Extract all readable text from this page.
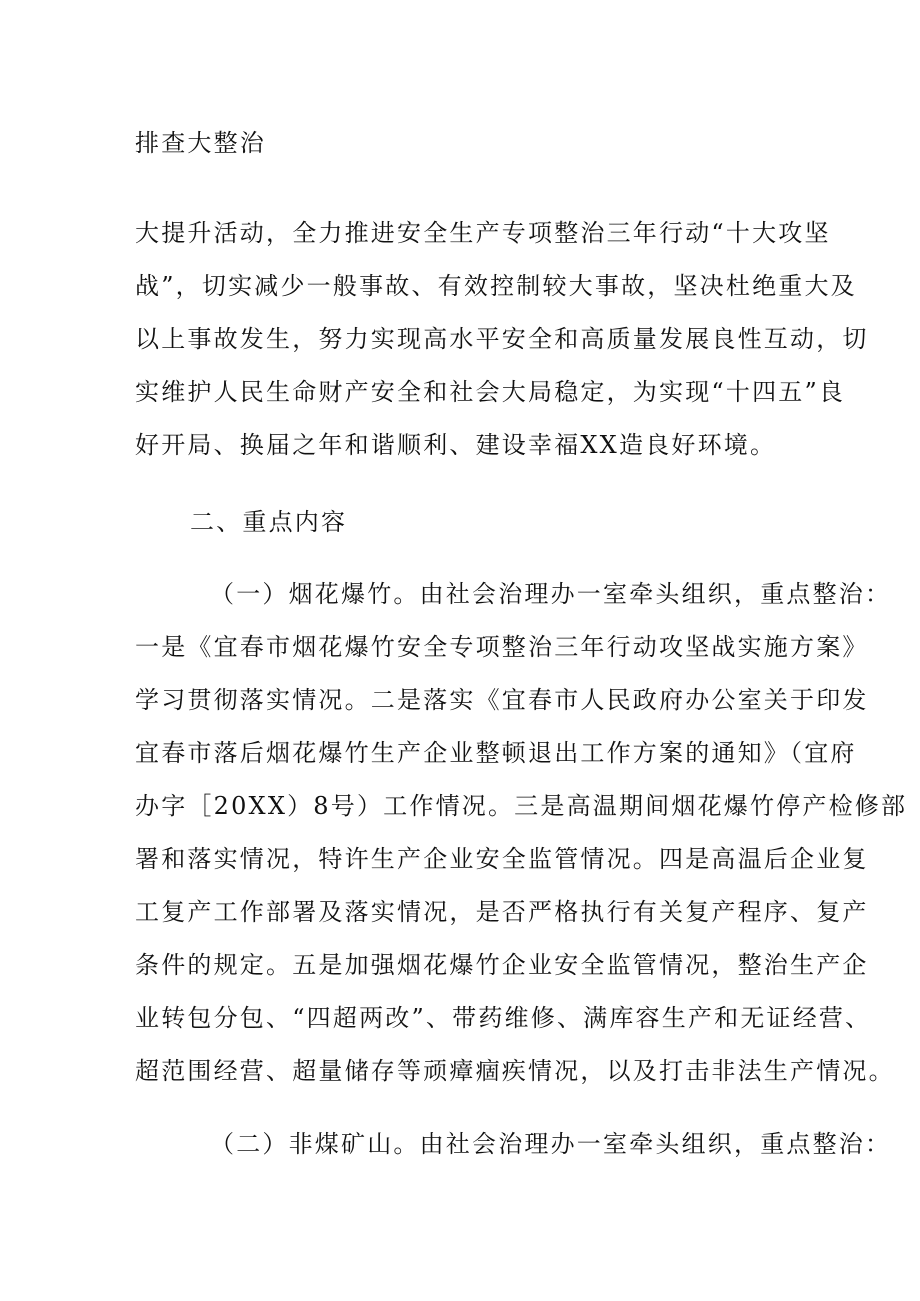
排查大整治
大提升活动，全力推进安全生产专项整治三年行动“十大攻坚
战”，切实减少一般事故、有效控制较大事故，坚决杜绝重大及
以上事故发生，努力实现高水平安全和高质量发展良性互动，切
实维护人民生命财产安全和社会大局稳定，为实现“十四五”良
好开局、换届之年和谐顺利、建设幸福XX造良好环境。
二、重点内容
（一）烟花爆竹。由社会治理办一室牵头组织，重点整治：
一是《宜春市烟花爆竹安全专项整治三年行动攻坚战实施方案》
学习贯彻落实情况。二是落实《宜春市人民政府办公室关于印发
宜春市落后烟花爆竹生产企业整顿退出工作方案的通知》（宜府
办字［20XX）8号）工作情况。三是高温期间烟花爆竹停产检修部
署和落实情况，特许生产企业安全监管情况。四是高温后企业复
工复产工作部署及落实情况，是否严格执行有关复产程序、复产
条件的规定。五是加强烟花爆竹企业安全监管情况，整治生产企
业转包分包、“四超两改”、带药维修、满库容生产和无证经营、
超范围经营、超量储存等顽瘴痼疾情况，以及打击非法生产情况。
（二）非煤矿山。由社会治理办一室牵头组织，重点整治：
